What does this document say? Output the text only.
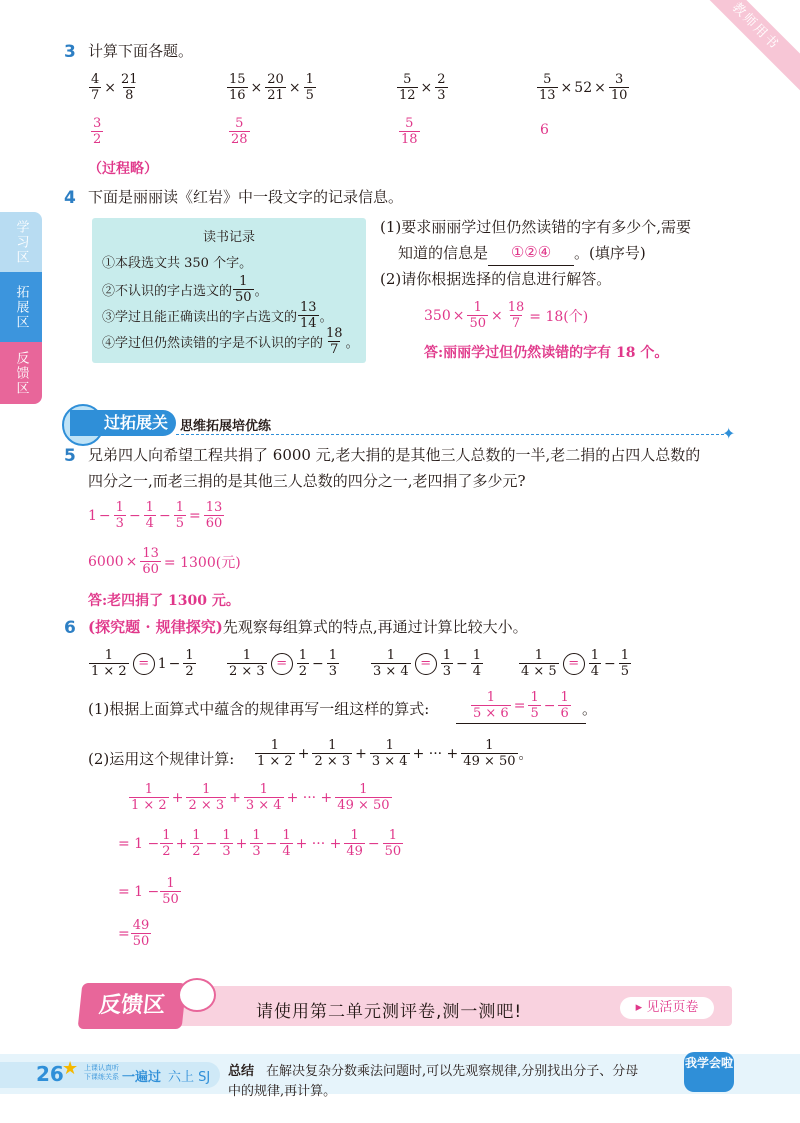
教师用书
学习区
拓展区
反馈区
3 计算下面各题。
$\frac{4}{7} \times \frac{21}{8}$	$\frac{15}{16} \times \frac{20}{21} \times \frac{1}{5}$	$\frac{5}{12} \times \frac{2}{3}$	$\frac{5}{13} \times 52 \times \frac{3}{10}$
$\frac{3}{2}$	$\frac{5}{28}$	$\frac{5}{18}$	6
（过程略）
4 下面是丽丽读《红岩》中一段文字的记录信息。
读书记录
①本段选文共 350 个字。
②不认识的字占选文的 $\frac{1}{50}$ 。
③学过且能正确读出的字占选文的 $\frac{13}{14}$ 。
④学过但仍然读错的字是不认识的字的 $\frac{18}{7}$ 。
(1)要求丽丽学过但仍然读错的字有多少个,需要
知道的信息是	①②④	。(填序号)
(2)请你根据选择的信息进行解答。
$350 \times \frac{1}{50} \times \frac{18}{7} = 18$(个)
答:丽丽学过但仍然读错的字有 18 个。
过拓展关 思维拓展培优练	✦
5 兄弟四人向希望工程共捐了 6000 元,老大捐的是其他三人总数的一半,老二捐的占四人总数的
四分之一,而老三捐的是其他三人总数的四分之一,老四捐了多少元?
$1 - \frac{1}{3} - \frac{1}{4} - \frac{1}{5} = \frac{13}{60}$
$6000 \times \frac{13}{60} = 1300$(元)
答:老四捐了 1300 元。
6 (探究题 · 规律探究) 先观察每组算式的特点,再通过计算比较大小。
$\frac{1}{1 \times 2} = 1 - \frac{1}{2} \frac{1}{2 \times 3} = \frac{1}{2} - \frac{1}{3} \frac{1}{3 \times 4} = \frac{1}{3} - \frac{1}{4}$	$\frac{1}{4 \times 5} = \frac{1}{4} - \frac{1}{5}$
(1)根据上面算式中蕴含的规律再写一组这样的算式:	$\frac{1}{5 \times 6} = \frac{1}{5} - \frac{1}{6}$ 。
(2)运用这个规律计算: $\frac{1}{1 \times 2} + \frac{1}{2 \times 3} + \frac{1}{3 \times 4}$ + ··· + $\frac{1}{49 \times 50}$ 。
$\frac{1}{1 \times 2} + \frac{1}{2 \times 3} + \frac{1}{3 \times 4}$ + ··· + $\frac{1}{49 \times 50}$
= $1 - \frac{1}{2} + \frac{1}{2} - \frac{1}{3} + \frac{1}{3} - \frac{1}{4}$ + ··· + $\frac{1}{49} - \frac{1}{50}$
= $1 - \frac{1}{50}$
= $\frac{49}{50}$
反馈区	请使用第二单元测评卷,测一测吧!	▸ 见活页卷
26
★ 上课认真听
下课练关系 一遍过 六上 SJ 总结 在解决复杂分数乘法问题时,可以先观察规律,分别找出分子、分母
中的规律,再计算。
我学会啦
